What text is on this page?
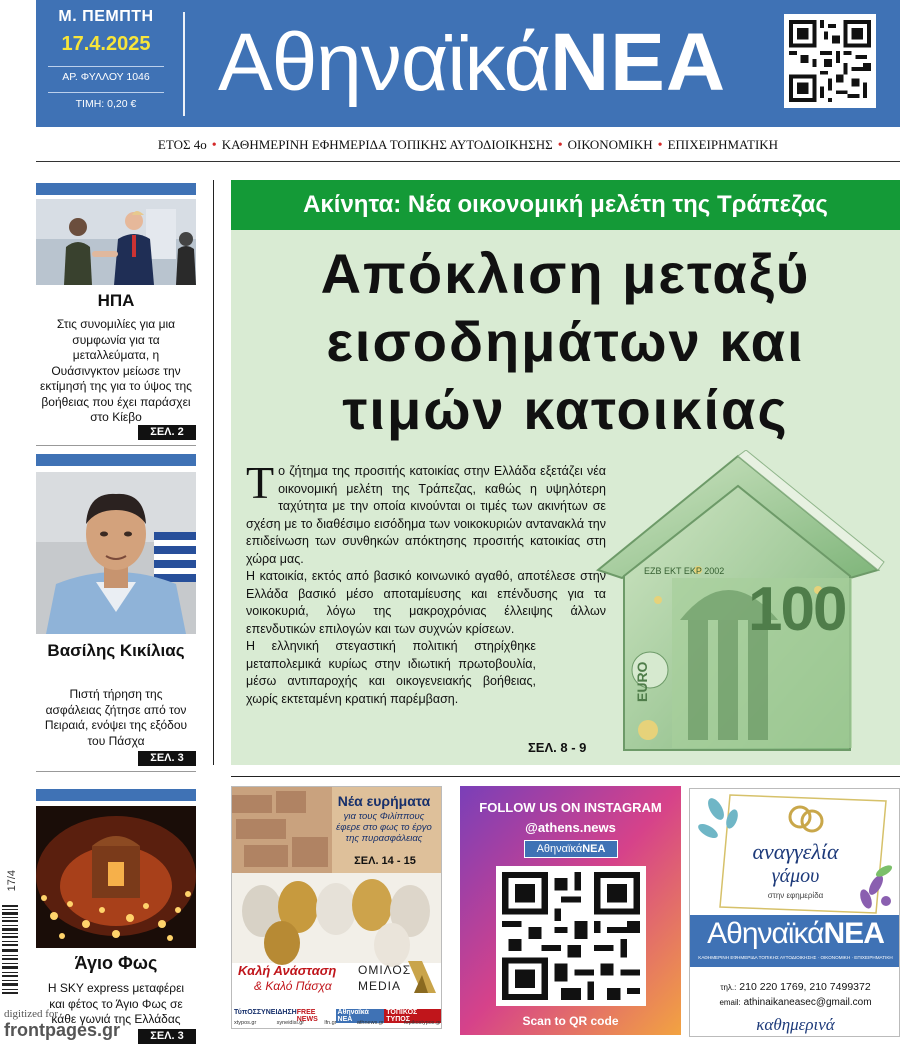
Μ. ΠΕΜΠΤΗ
17.4.2025
ΑΡ. ΦΥΛΛΟΥ 1046
ΤΙΜΗ: 0,20 € ΑθηναϊκάΝΕΑ
ΕΤΟΣ 4ο • ΚΑΘΗΜΕΡΙΝΗ ΕΦΗΜΕΡΙΔΑ ΤΟΠΙΚΗΣ ΑΥΤΟΔΙΟΙΚΗΣΗΣ • ΟΙΚΟΝΟΜΙΚΗ • ΕΠΙΧΕΙΡΗΜΑΤΙΚΗ
ΗΠΑ
Στις συνομιλίες για μια συμφωνία για τα μεταλλεύματα, η Ουάσινγκτον μείωσε την εκτίμησή της για το ύψος της βοήθειας που έχει παράσχει στο Κίεβο
ΣΕΛ. 2
Βασίλης Κικίλιας
Πιστή τήρηση της ασφάλειας ζήτησε από τον Πειραιά, ενόψει της εξόδου του Πάσχα
ΣΕΛ. 3
Άγιο Φως
Η SKY express μεταφέρει και φέτος το Άγιο Φως σε κάθε γωνιά της Ελλάδας
ΣΕΛ. 3
Ακίνητα: Νέα οικονομική μελέτη της Τράπεζας
Απόκλιση μεταξύ
εισοδημάτων και
τιμών κατοικίας
100
EZB EKT EKP 2002
EURO

Το ζήτημα της προσιτής κατοικίας στην Ελλάδα εξετάζει νέα οικονομική μελέτη της Τράπεζας, καθώς η υψηλότερη ταχύτητα με την οποία κινούνται οι τιμές των ακινήτων σε σχέση με το διαθέσιμο εισόδημα των νοικοκυριών αντανακλά την επιδείνωση των συνθηκών απόκτησης προσιτής κατοικίας στη χώρα μας.

Η κατοικία, εκτός από βασικό κοινωνικό αγαθό, αποτέλεσε στην Ελλάδα βασικό μέσο αποταμίευσης και επένδυσης για τα νοικοκυριά, λόγω της μακροχρόνιας έλλειψης άλλων επενδυτικών επιλογών και των συχνών κρίσεων.

Η ελληνική στεγαστική πολιτική στηρίχθηκε μεταπολεμικά κυρίως στην ιδιωτική πρωτοβουλία, μέσω αντιπαροχής και οικογενειακής βοήθειας, χωρίς εκτεταμένη κρατική παρέμβαση.

ΣΕΛ. 8 - 9
Νέα ευρήματα
για τους Φιλίππους έφερε στο φως το έργο της πυρασφάλειας
ΣΕΛ. 14 - 15
Καλή Ανάσταση
& Καλό Πάσχα
ΟΜΙΛΟΣ
MEDIA
ΤύπΟΣ ΣΥΝΕΙΔΗΣΗ FREE NEWS
Αθηναϊκά ΝΕΑ
ΤΟΠΙΚΟΣ ΤΥΠΟΣ
xtypos.gr	syneidisi.gr	lfn.gr	athnews.gr	topikostypos.gr
FOLLOW US ON INSTAGRAM
@athens.news
ΑθηναϊκάΝΕΑ
Scan to QR code
αναγγελία
γάμου
στην εφημερίδα
ΑθηναϊκάΝΕΑ
ΚΑΘΗΜΕΡΙΝΗ ΕΦΗΜΕΡΙΔΑ ΤΟΠΙΚΗΣ ΑΥΤΟΔΙΟΙΚΗΣΗΣ · ΟΙΚΟΝΟΜΙΚΗ · ΕΠΙΧΕΙΡΗΜΑΤΙΚΗ
τηλ.: 210 220 1769, 210 7499372
email: athinaikaneasec@gmail.com
καθημερινά
17/4
digitized for
frontpages.gr
